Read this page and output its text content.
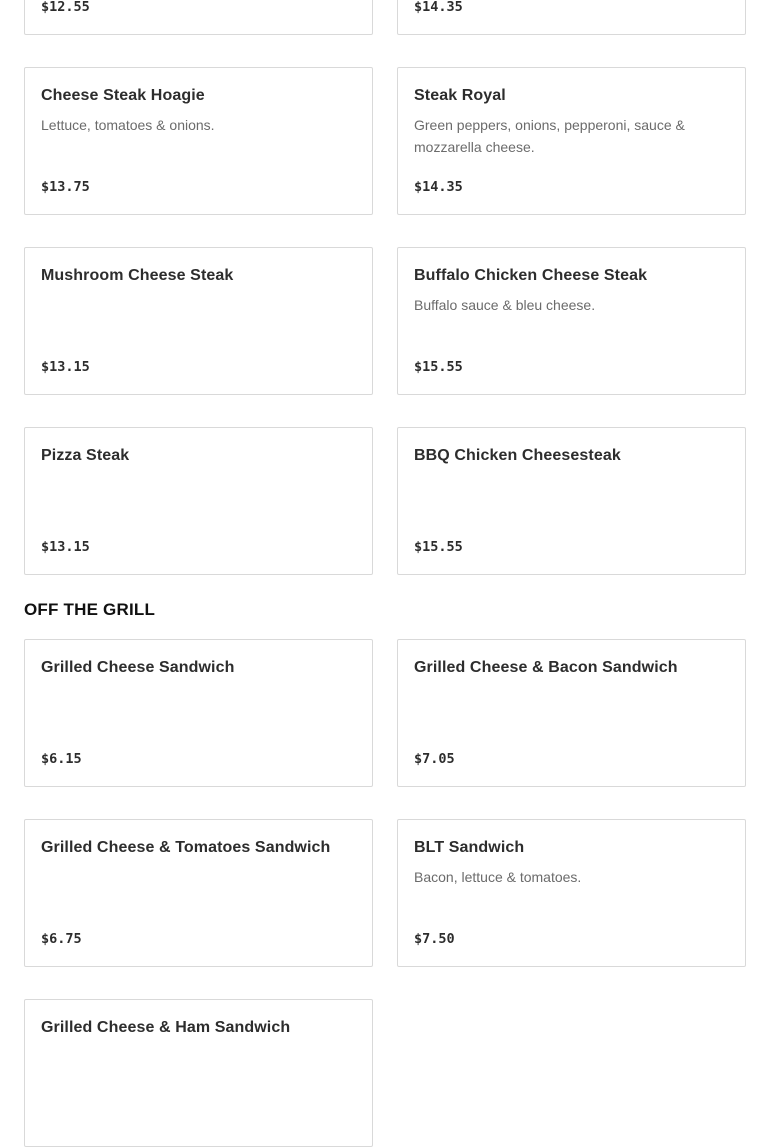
$12.55	$14.35
Cheese Steak Hoagie
Lettuce, tomatoes & onions.
$13.75
Steak Royal
Green peppers, onions, pepperoni, sauce & mozzarella cheese.
$14.35
Mushroom Cheese Steak
$13.15
Buffalo Chicken Cheese Steak
Buffalo sauce & bleu cheese.
$15.55
Pizza Steak
$13.15
BBQ Chicken Cheesesteak
$15.55
OFF THE GRILL
Grilled Cheese Sandwich
$6.15
Grilled Cheese & Bacon Sandwich
$7.05
Grilled Cheese & Tomatoes Sandwich
$6.75
BLT Sandwich
Bacon, lettuce & tomatoes.
$7.50
Grilled Cheese & Ham Sandwich
